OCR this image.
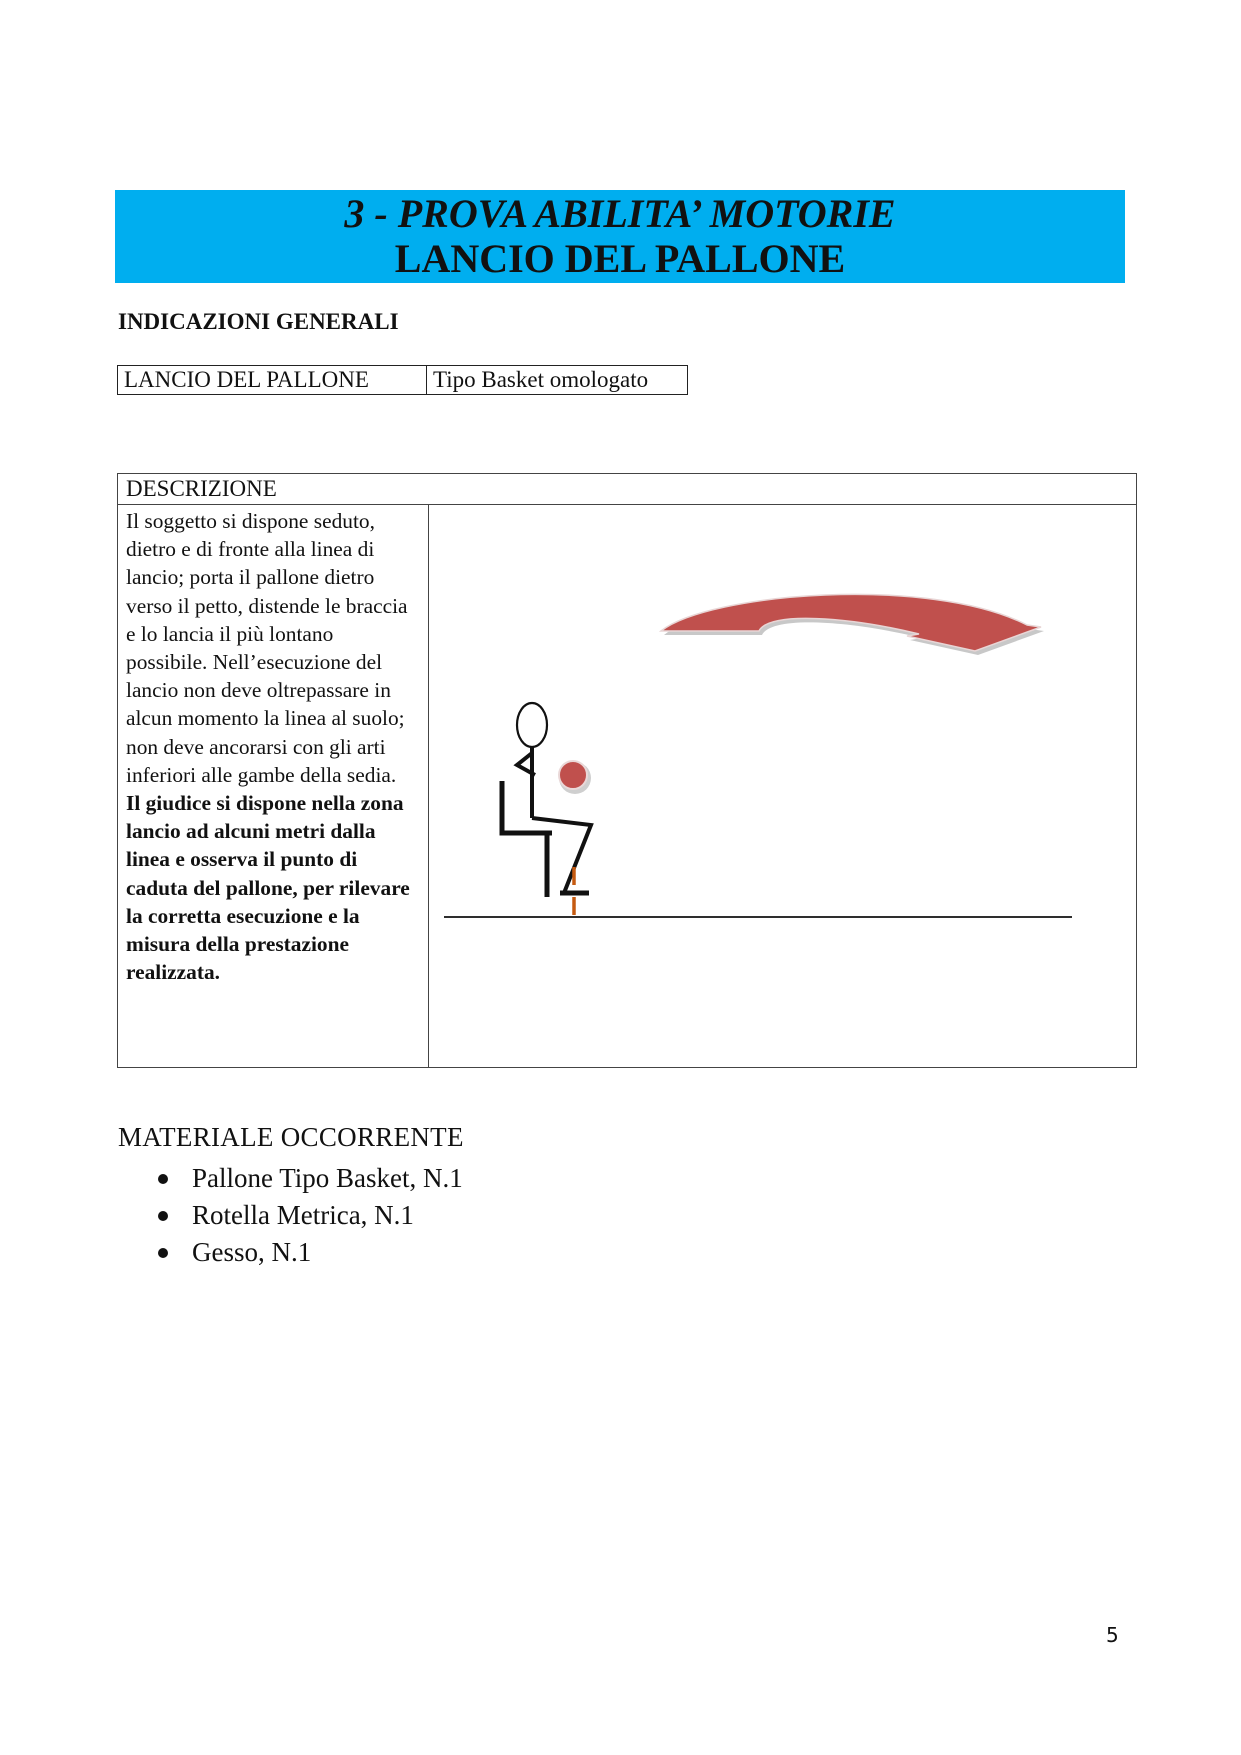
3 - PROVA ABILITA’ MOTORIE
LANCIO DEL PALLONE
INDICAZIONI GENERALI
LANCIO DEL PALLONE	Tipo Basket omologato
DESCRIZIONE
Il soggetto si dispone seduto, dietro e di fronte alla linea di lancio; porta il pallone dietro verso il petto, distende le braccia e lo lancia il più lontano possibile. Nell’esecuzione del lancio non deve oltrepassare in alcun momento la linea al suolo; non deve ancorarsi con gli arti inferiori alle gambe della sedia.
Il giudice si dispone nella zona lancio ad alcuni metri dalla linea e osserva il punto di caduta del pallone, per rilevare la corretta esecuzione e la misura della prestazione realizzata.	
MATERIALE OCCORRENTE
Pallone Tipo Basket, N.1
Rotella Metrica, N.1
Gesso, N.1
5
